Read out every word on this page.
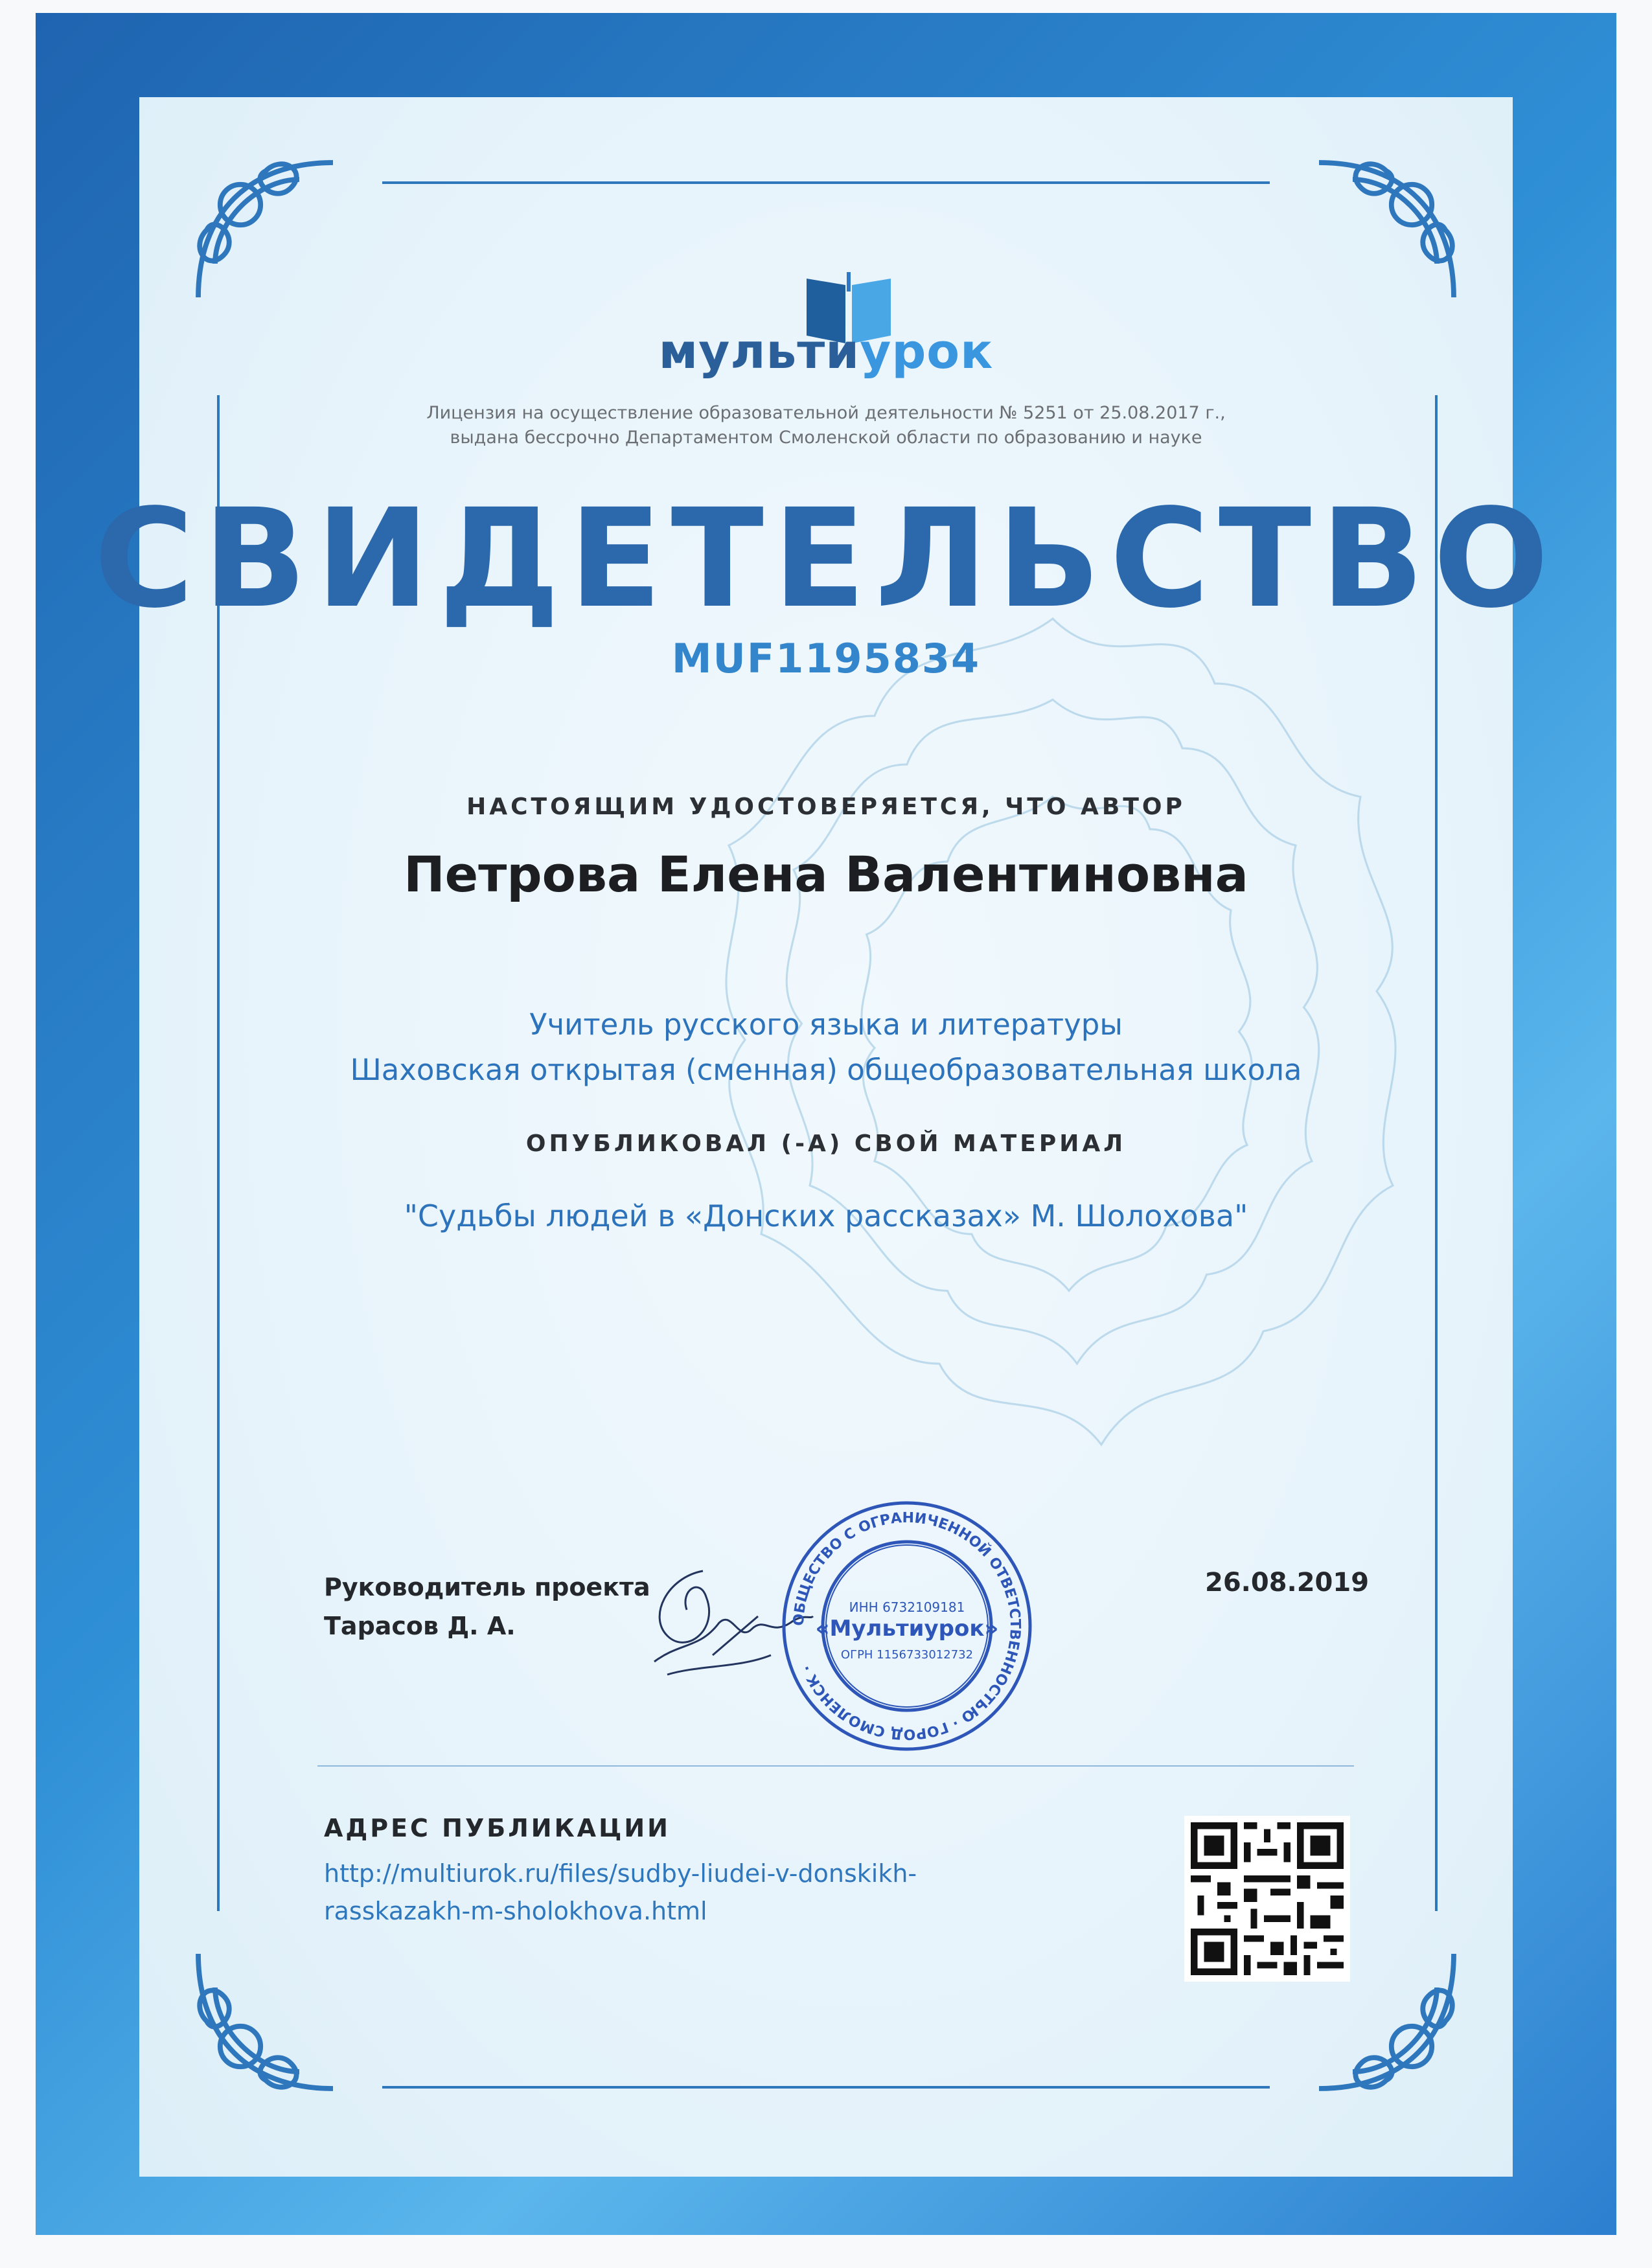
мультиурок
Лицензия на осуществление образовательной деятельности № 5251 от 25.08.2017 г.,
выдана бессрочно Департаментом Смоленской области по образованию и науке
СВИДЕТЕЛЬСТВО
MUF1195834
НАСТОЯЩИМ УДОСТОВЕРЯЕТСЯ, ЧТО АВТОР
Петрова Елена Валентиновна
Учитель русского языка и литературы
Шаховская открытая (сменная) общеобразовательная школа
ОПУБЛИКОВАЛ (-А) СВОЙ МАТЕРИАЛ
"Судьбы людей в «Донских рассказах» М. Шолохова"
Руководитель проекта
Тарасов Д. А.
26.08.2019
ОБЩЕСТВО С ОГРАНИЧЕННОЙ ОТВЕТСТВЕННОСТЬЮ · ГОРОД СМОЛЕНСК ·
ИНН 6732109181
«Мультиурок»
ОГРН 1156733012732
АДРЕС ПУБЛИКАЦИИ
http://multiurok.ru/files/sudby-liudei-v-donskikh-
rasskazakh-m-sholokhova.html
